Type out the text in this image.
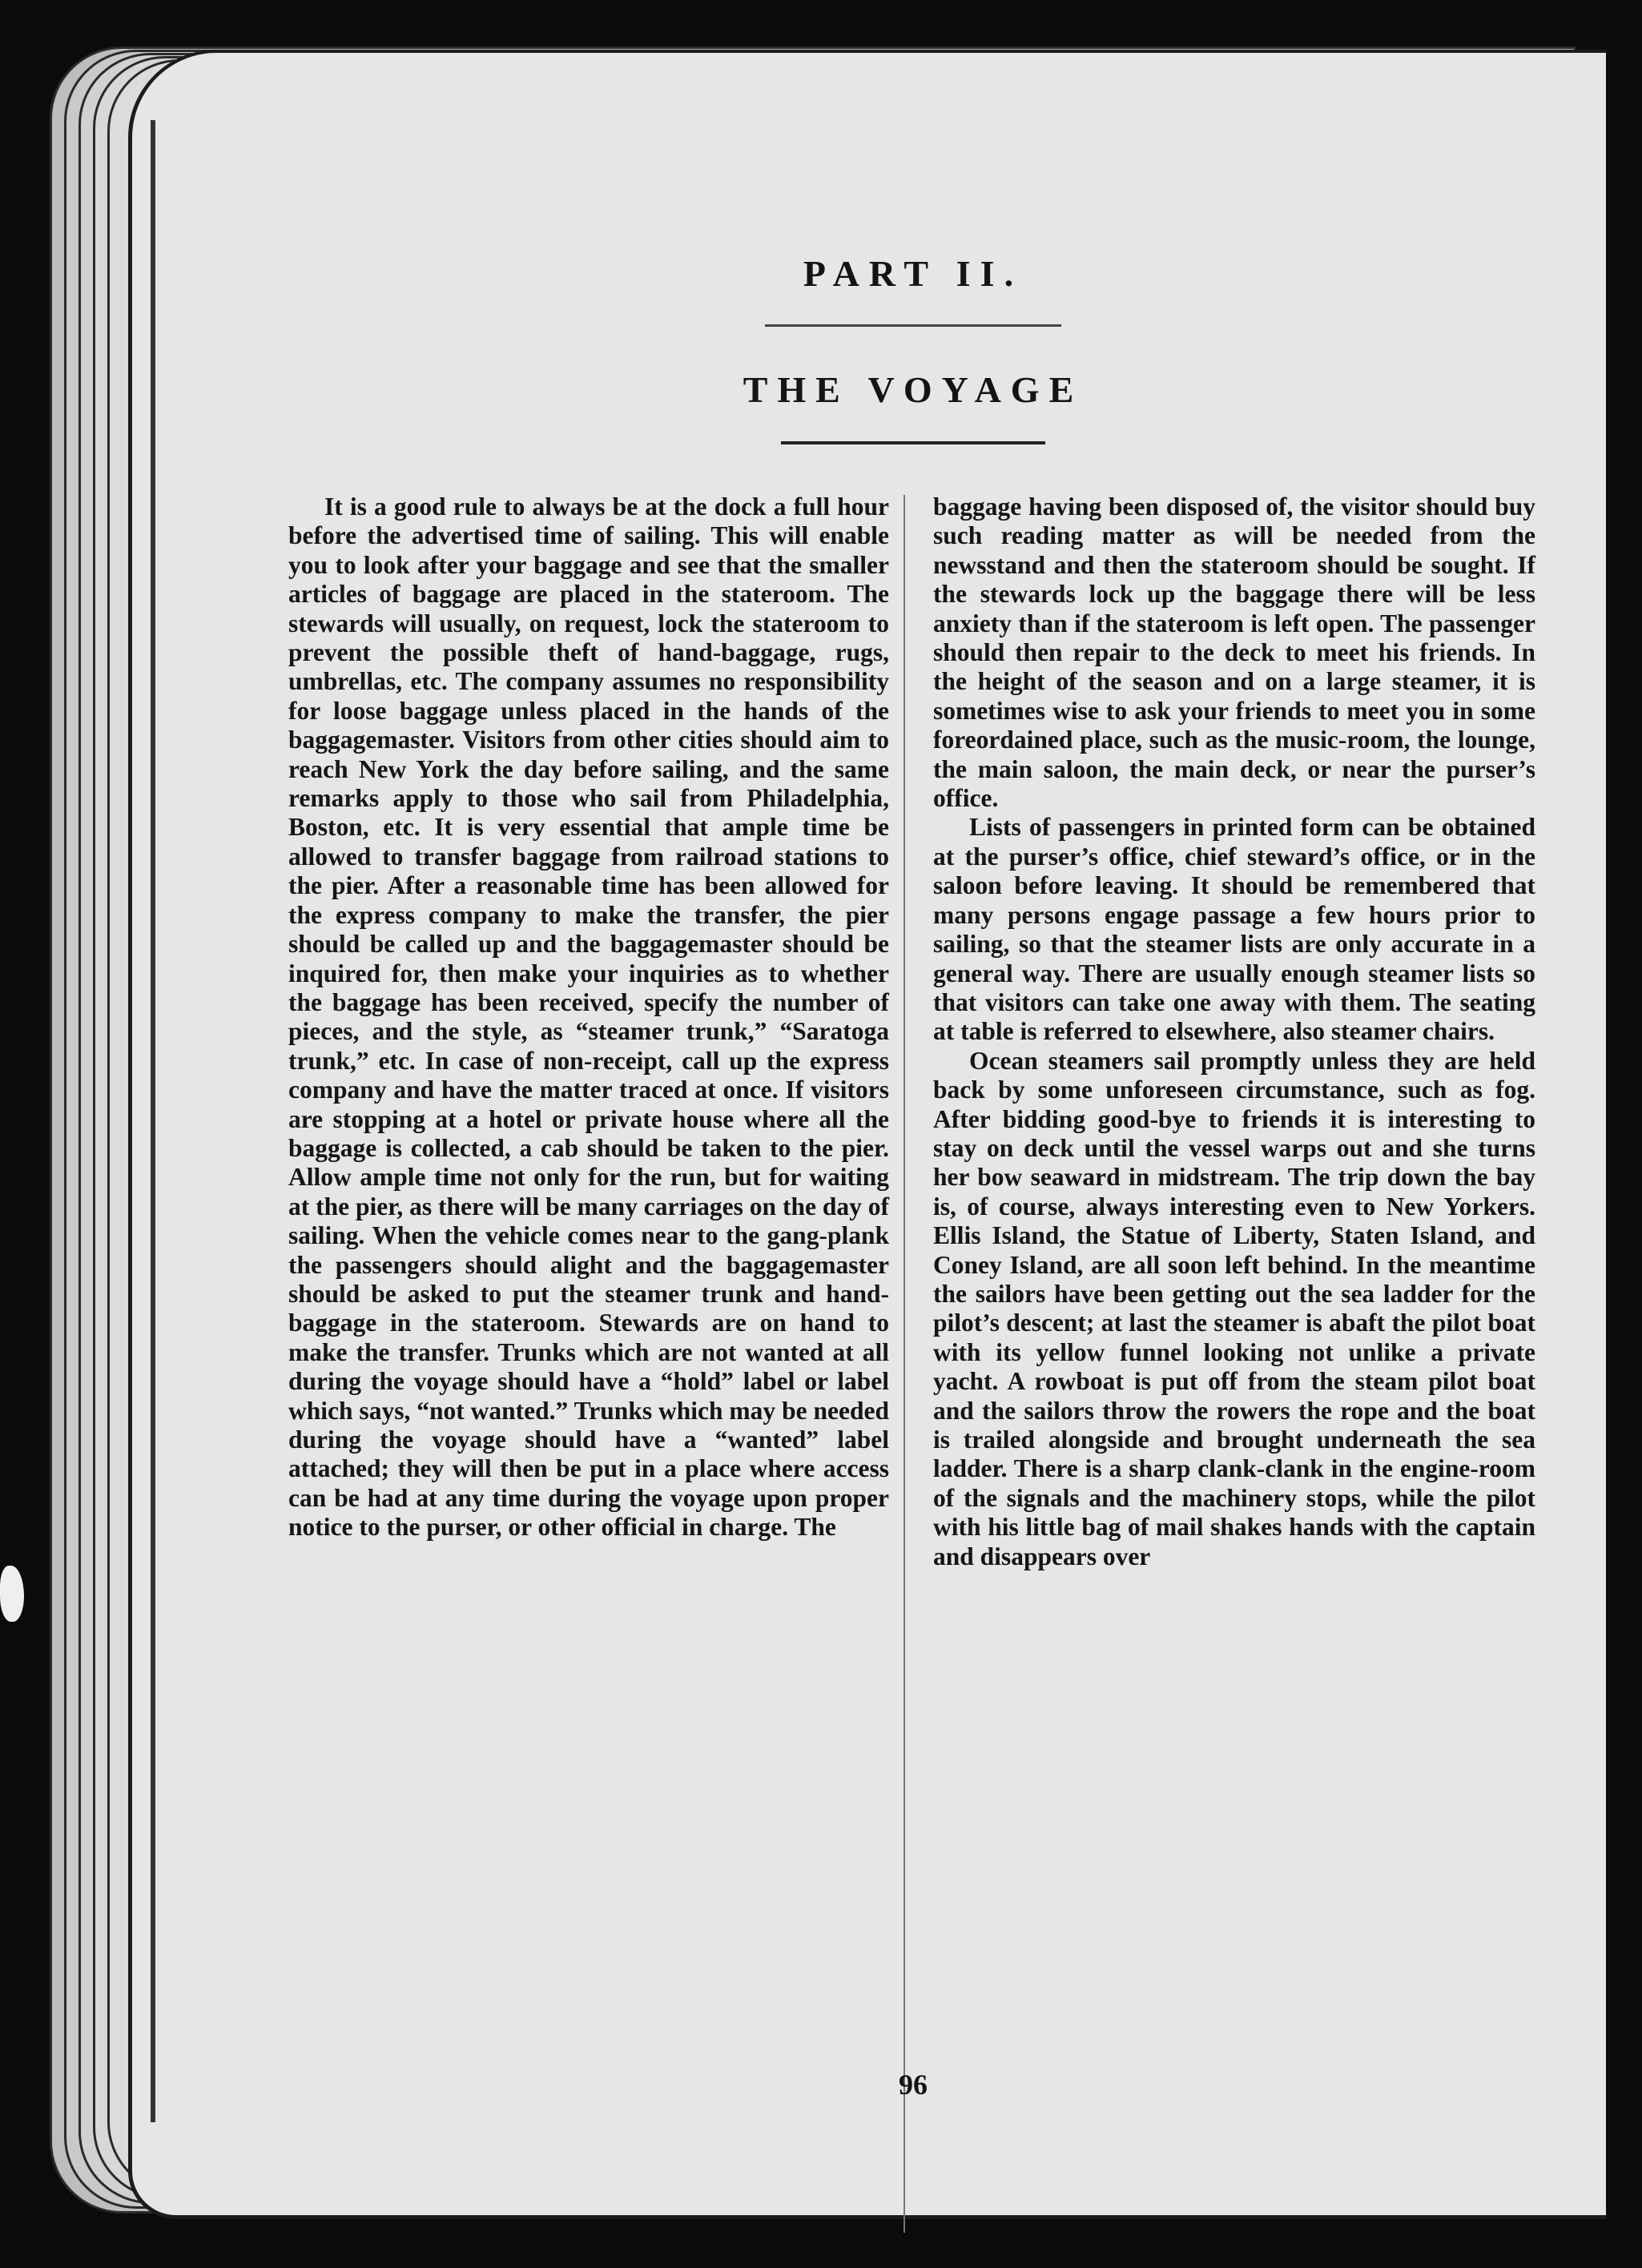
PART II.
THE VOYAGE

It is a good rule to always be at the dock a full hour before the advertised time of sailing. This will enable you to look after your baggage and see that the smaller articles of baggage are placed in the stateroom. The stewards will usually, on request, lock the stateroom to prevent the possible theft of hand-baggage, rugs, umbrellas, etc. The company assumes no responsibility for loose baggage unless placed in the hands of the baggagemaster. Visitors from other cities should aim to reach New York the day before sailing, and the same remarks apply to those who sail from Philadelphia, Boston, etc. It is very essential that ample time be allowed to transfer baggage from railroad stations to the pier. After a reasonable time has been allowed for the express company to make the transfer, the pier should be called up and the baggagemaster should be inquired for, then make your inquiries as to whether the baggage has been received, specify the number of pieces, and the style, as “steamer trunk,” “Saratoga trunk,” etc. In case of non-receipt, call up the express company and have the matter traced at once. If visitors are stopping at a hotel or private house where all the baggage is collected, a cab should be taken to the pier. Allow ample time not only for the run, but for waiting at the pier, as there will be many carriages on the day of sailing. When the vehicle comes near to the gang-plank the passengers should alight and the baggagemaster should be asked to put the steamer trunk and hand-baggage in the stateroom. Stewards are on hand to make the transfer. Trunks which are not wanted at all during the voyage should have a “hold” label or label which says, “not wanted.” Trunks which may be needed during the voyage should have a “wanted” label attached; they will then be put in a place where access can be had at any time during the voyage upon proper notice to the purser, or other official in charge. The

baggage having been disposed of, the visitor should buy such reading matter as will be needed from the newsstand and then the stateroom should be sought. If the stewards lock up the baggage there will be less anxiety than if the stateroom is left open. The passenger should then repair to the deck to meet his friends. In the height of the season and on a large steamer, it is sometimes wise to ask your friends to meet you in some foreordained place, such as the music-room, the lounge, the main saloon, the main deck, or near the purser’s office.

Lists of passengers in printed form can be obtained at the purser’s office, chief steward’s office, or in the saloon before leaving. It should be remembered that many persons engage passage a few hours prior to sailing, so that the steamer lists are only accurate in a general way. There are usually enough steamer lists so that visitors can take one away with them. The seating at table is referred to elsewhere, also steamer chairs.

Ocean steamers sail promptly unless they are held back by some unforeseen circumstance, such as fog. After bidding good-bye to friends it is interesting to stay on deck until the vessel warps out and she turns her bow seaward in midstream. The trip down the bay is, of course, always interesting even to New Yorkers. Ellis Island, the Statue of Liberty, Staten Island, and Coney Island, are all soon left behind. In the meantime the sailors have been getting out the sea ladder for the pilot’s descent; at last the steamer is abaft the pilot boat with its yellow funnel looking not unlike a private yacht. A rowboat is put off from the steam pilot boat and the sailors throw the rowers the rope and the boat is trailed alongside and brought underneath the sea ladder. There is a sharp clank-clank in the engine-room of the signals and the machinery stops, while the pilot with his little bag of mail shakes hands with the captain and disappears over

96
